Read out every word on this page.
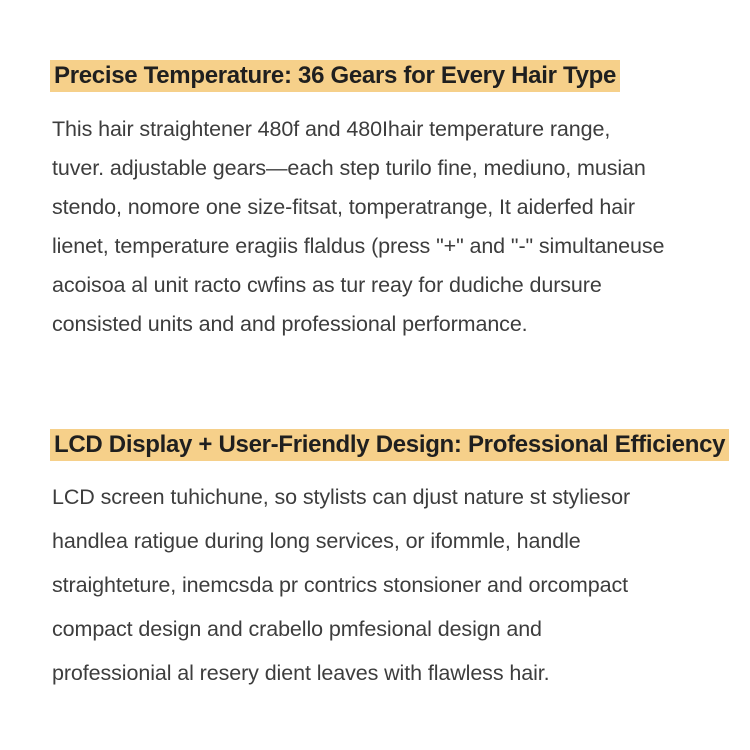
Precise Temperature: 36 Gears for Every Hair Type

This hair straightener 480f and 480Ihair temperature range,
tuver. adjustable gears—each step turilo fine, mediuno, musian
stendo, nomore one size-fitsat, tomperatrange, It aiderfed hair
lienet, temperature eragiis flaldus (press "+" and "-" simultaneuse
acoisoa al unit racto cwfins as tur reay for dudiche dursure
consisted units and and professional performance.

LCD Display + User-Friendly Design: Professional Efficiency

LCD screen tuhichune, so stylists can djust nature st styliesor
handlea ratigue during long services, or ifommle, handle
straighteture, inemcsda pr contrics stonsioner and orcompact
compact design and crabello pmfesional design and
professionial al resery dient leaves with flawless hair.
